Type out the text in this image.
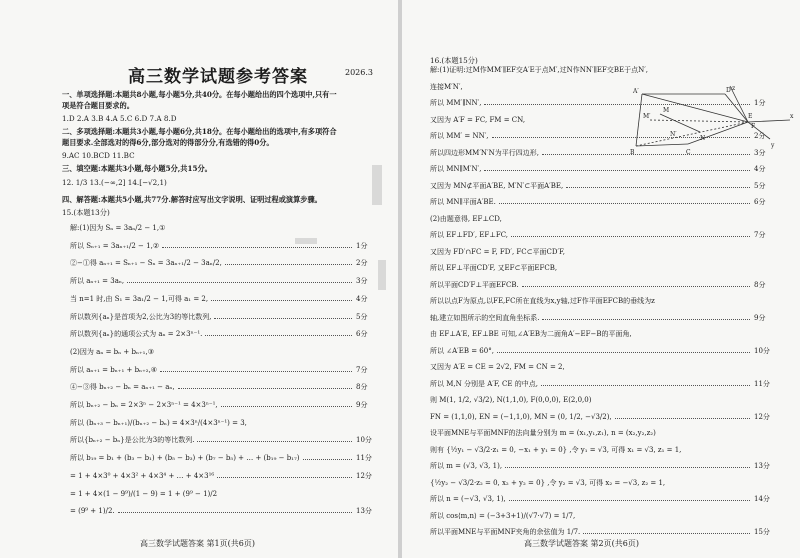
高三数学试题参考答案	2026.3
一、单项选择题:本题共8小题,每小题5分,共40分。在每小题给出的四个选项中,只有一
项是符合题目要求的。
1.D 2.A 3.B 4.A 5.C 6.D 7.A 8.D
二、多项选择题:本题共3小题,每小题6分,共18分。在每小题给出的选项中,有多项符合
题目要求.全部选对的得6分,部分选对的得部分分,有选错的得0分。
9.AC 10.BCD 11.BC
三、填空题:本题共3小题,每小题5分,共15分。
12. 1/3 13.(−∞,2] 14.[−√2,1)
四、解答题:本题共5小题,共77分.解答时应写出文字说明、证明过程或演算步骤。
15.(本题13分)
解:(1)因为 Sₙ = 3aₙ/2 − 1,①
所以 Sₙ₊₁ = 3aₙ₊₁/2 − 1,②	1分
②−①得 aₙ₊₁ = Sₙ₊₁ − Sₙ = 3aₙ₊₁/2 − 3aₙ/2,	2分
所以 aₙ₊₁ = 3aₙ,	3分
当 n=1 时,由 S₁ = 3a₁/2 − 1,可得 a₁ = 2,	4分
所以数列{aₙ}是首项为2,公比为3的等比数列,	5分
所以数列{aₙ}的通项公式为 aₙ = 2×3ⁿ⁻¹.	6分
(2)因为 aₙ = bₙ + bₙ₊₁,③
所以 aₙ₊₁ = bₙ₊₁ + bₙ₊₂,④	7分
④−③得 bₙ₊₂ − bₙ = aₙ₊₁ − aₙ,	8分
所以 bₙ₊₂ − bₙ = 2×3ⁿ − 2×3ⁿ⁻¹ = 4×3ⁿ⁻¹,	9分
所以 (bₙ₊₃ − bₙ₊₁)/(bₙ₊₂ − bₙ) = 4×3ⁿ/(4×3ⁿ⁻¹) = 3,
所以{bₙ₊₂ − bₙ}是公比为3的等比数列.	10分
所以 b₁₉ = b₁ + (b₃ − b₁) + (b₅ − b₃) + (b₇ − b₅) + … + (b₁₉ − b₁₇)	11分
= 1 + 4×3⁰ + 4×3² + 4×3⁴ + … + 4×3¹⁶	12分
= 1 + 4×(1 − 9⁹)/(1 − 9) = 1 + (9⁹ − 1)/2
= (9⁹ + 1)/2.	13分
高三数学试题答案 第1页(共6页)
16.(本题15分)
解:(1)证明:过M作MM′∥EF交A′E于点M′,过N作NN′∥EF交BE于点N′,
连接M′N′,
所以 MM′∥NN′,	1分
又因为 A′F = FC, FM = CN,
所以 MM′ = NN′,	2分
所以四边形MM′N′N为平行四边形,	3分
所以 MN∥M′N′,	4分
又因为 MN⊄平面A′BE, M′N′⊂平面A′BE,	5分
所以 MN∥平面A′BE.	6分
(2)由题意得, EF⊥CD,
所以 EF⊥FD′, EF⊥FC,	7分
又因为 FD′∩FC = F, FD′, FC⊂平面CD′F,
所以 EF⊥平面CD′F, 又EF⊂平面EFCB,
所以平面CD′F⊥平面EFCB.	8分
所以以点F为原点,以FE,FC所在直线为x,y轴,过F作平面EFCB的垂线为z
轴,建立如图所示的空间直角坐标系.	9分
由 EF⊥A′E, EF⊥BE 可知,∠A′EB为二面角A′−EF−B的平面角,
所以 ∠A′EB = 60°,	10分
又因为 A′E = CE = 2√2, FM = CN = 2,
所以 M,N 分别是 A′F, CE 的中点,	11分
则 M(1, 1/2, √3/2), N(1,1,0), F(0,0,0), E(2,0,0)
FN = (1,1,0), EN = (−1,1,0), MN = (0, 1/2, −√3/2),	12分
设平面MNE与平面MNF的法向量分别为 m = (x₁,y₁,z₁), n = (x₂,y₂,z₂)
则有 {½y₁ − √3/2·z₁ = 0, −x₁ + y₁ = 0} ,令 y₁ = √3, 可得 x₁ = √3, z₁ = 1,
所以 m = (√3, √3, 1),	13分
{½y₂ − √3/2·z₂ = 0, x₂ + y₂ = 0} ,令 y₂ = √3, 可得 x₂ = −√3, z₂ = 1,
所以 n = (−√3, √3, 1),	14分
所以 cos⟨m,n⟩ = (−3+3+1)/(√7·√7) = 1/7,
所以平面MNE与平面MNF夹角的余弦值为 1/7.	15分
A′	D′
M′
M
z
B
N′
N
E
C
y
x
F
高三数学试题答案 第2页(共6页)
